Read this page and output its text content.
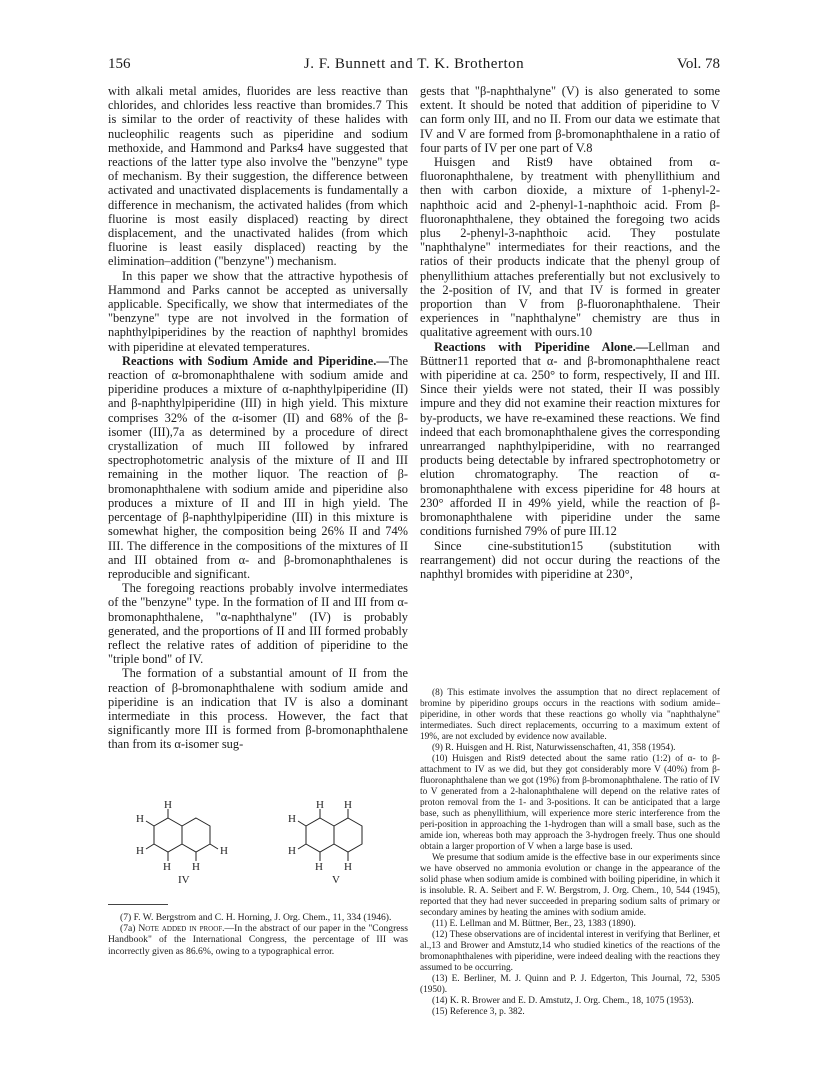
156	J. F. Bunnett and T. K. Brotherton	Vol. 78

with alkali metal amides, fluorides are less reactive than chlorides, and chlorides less reactive than bromides.7 This is similar to the order of reactivity of these halides with nucleophilic reagents such as piperidine and sodium methoxide, and Hammond and Parks4 have suggested that reactions of the latter type also involve the "benzyne" type of mechanism. By their suggestion, the difference between activated and unactivated displacements is fundamentally a difference in mechanism, the activated halides (from which fluorine is most easily displaced) reacting by direct displacement, and the unactivated halides (from which fluorine is least easily displaced) reacting by the elimination–addition ("benzyne") mechanism.

In this paper we show that the attractive hypothesis of Hammond and Parks cannot be accepted as universally applicable. Specifically, we show that intermediates of the "benzyne" type are not involved in the formation of naphthylpiperidines by the reaction of naphthyl bromides with piperidine at elevated temperatures.

Reactions with Sodium Amide and Piperidine.—The reaction of α-bromonaphthalene with sodium amide and piperidine produces a mixture of α-naphthylpiperidine (II) and β-naphthylpiperidine (III) in high yield. This mixture comprises 32% of the α-isomer (II) and 68% of the β-isomer (III),7a as determined by a procedure of direct crystallization of much III followed by infrared spectrophotometric analysis of the mixture of II and III remaining in the mother liquor. The reaction of β-bromonaphthalene with sodium amide and piperidine also produces a mixture of II and III in high yield. The percentage of β-naphthylpiperidine (III) in this mixture is somewhat higher, the composition being 26% II and 74% III. The difference in the compositions of the mixtures of II and III obtained from α- and β-bromonaphthalenes is reproducible and significant.

The foregoing reactions probably involve intermediates of the "benzyne" type. In the formation of II and III from α-bromonaphthalene, "α-naphthalyne" (IV) is probably generated, and the proportions of II and III formed probably reflect the relative rates of addition of piperidine to the "triple bond" of IV.

The formation of a substantial amount of II from the reaction of β-bromonaphthalene with sodium amide and piperidine is an indication that IV is also a dominant intermediate in this process. However, the fact that significantly more III is formed from β-bromonaphthalene than from its α-isomer sug-

H
H
H	H
H H
IV
H H
H
H
H H
V

(7) F. W. Bergstrom and C. H. Horning, J. Org. Chem., 11, 334 (1946).

(7a) Note added in proof.—In the abstract of our paper in the "Congress Handbook" of the International Congress, the percentage of III was incorrectly given as 86.6%, owing to a typographical error.

gests that "β-naphthalyne" (V) is also generated to some extent. It should be noted that addition of piperidine to V can form only III, and no II. From our data we estimate that IV and V are formed from β-bromonaphthalene in a ratio of four parts of IV per one part of V.8

Huisgen and Rist9 have obtained from α-fluoronaphthalene, by treatment with phenyllithium and then with carbon dioxide, a mixture of 1-phenyl-2-naphthoic acid and 2-phenyl-1-naphthoic acid. From β-fluoronaphthalene, they obtained the foregoing two acids plus 2-phenyl-3-naphthoic acid. They postulate "naphthalyne" intermediates for their reactions, and the ratios of their products indicate that the phenyl group of phenyllithium attaches preferentially but not exclusively to the 2-position of IV, and that IV is formed in greater proportion than V from β-fluoronaphthalene. Their experiences in "naphthalyne" chemistry are thus in qualitative agreement with ours.10

Reactions with Piperidine Alone.—Lellman and Büttner11 reported that α- and β-bromonaphthalene react with piperidine at ca. 250° to form, respectively, II and III. Since their yields were not stated, their II was possibly impure and they did not examine their reaction mixtures for by-products, we have re-examined these reactions. We find indeed that each bromonaphthalene gives the corresponding unrearranged naphthylpiperidine, with no rearranged products being detectable by infrared spectrophotometry or elution chromatography. The reaction of α-bromonaphthalene with excess piperidine for 48 hours at 230° afforded II in 49% yield, while the reaction of β-bromonaphthalene with piperidine under the same conditions furnished 79% of pure III.12

Since cine-substitution15 (substitution with rearrangement) did not occur during the reactions of the naphthyl bromides with piperidine at 230°,

(8) This estimate involves the assumption that no direct replacement of bromine by piperidino groups occurs in the reactions with sodium amide–piperidine, in other words that these reactions go wholly via "naphthalyne" intermediates. Such direct replacements, occurring to a maximum extent of 19%, are not excluded by evidence now available.

(9) R. Huisgen and H. Rist, Naturwissenschaften, 41, 358 (1954).

(10) Huisgen and Rist9 detected about the same ratio (1:2) of α- to β-attachment to IV as we did, but they got considerably more V (40%) from β-fluoronaphthalene than we got (19%) from β-bromonaphthalene. The ratio of IV to V generated from a 2-halonaphthalene will depend on the relative rates of proton removal from the 1- and 3-positions. It can be anticipated that a large base, such as phenyllithium, will experience more steric interference from the peri-position in approaching the 1-hydrogen than will a small base, such as the amide ion, whereas both may approach the 3-hydrogen freely. Thus one should obtain a larger proportion of V when a large base is used.

We presume that sodium amide is the effective base in our experiments since we have observed no ammonia evolution or change in the appearance of the solid phase when sodium amide is combined with boiling piperidine, in which it is insoluble. R. A. Seibert and F. W. Bergstrom, J. Org. Chem., 10, 544 (1945), reported that they had never succeeded in preparing sodium salts of primary or secondary amines by heating the amines with sodium amide.

(11) E. Lellman and M. Büttner, Ber., 23, 1383 (1890).

(12) These observations are of incidental interest in verifying that Berliner, et al.,13 and Brower and Amstutz,14 who studied kinetics of the reactions of the bromonaphthalenes with piperidine, were indeed dealing with the reactions they assumed to be occurring.

(13) E. Berliner, M. J. Quinn and P. J. Edgerton, This Journal, 72, 5305 (1950).

(14) K. R. Brower and E. D. Amstutz, J. Org. Chem., 18, 1075 (1953).

(15) Reference 3, p. 382.
